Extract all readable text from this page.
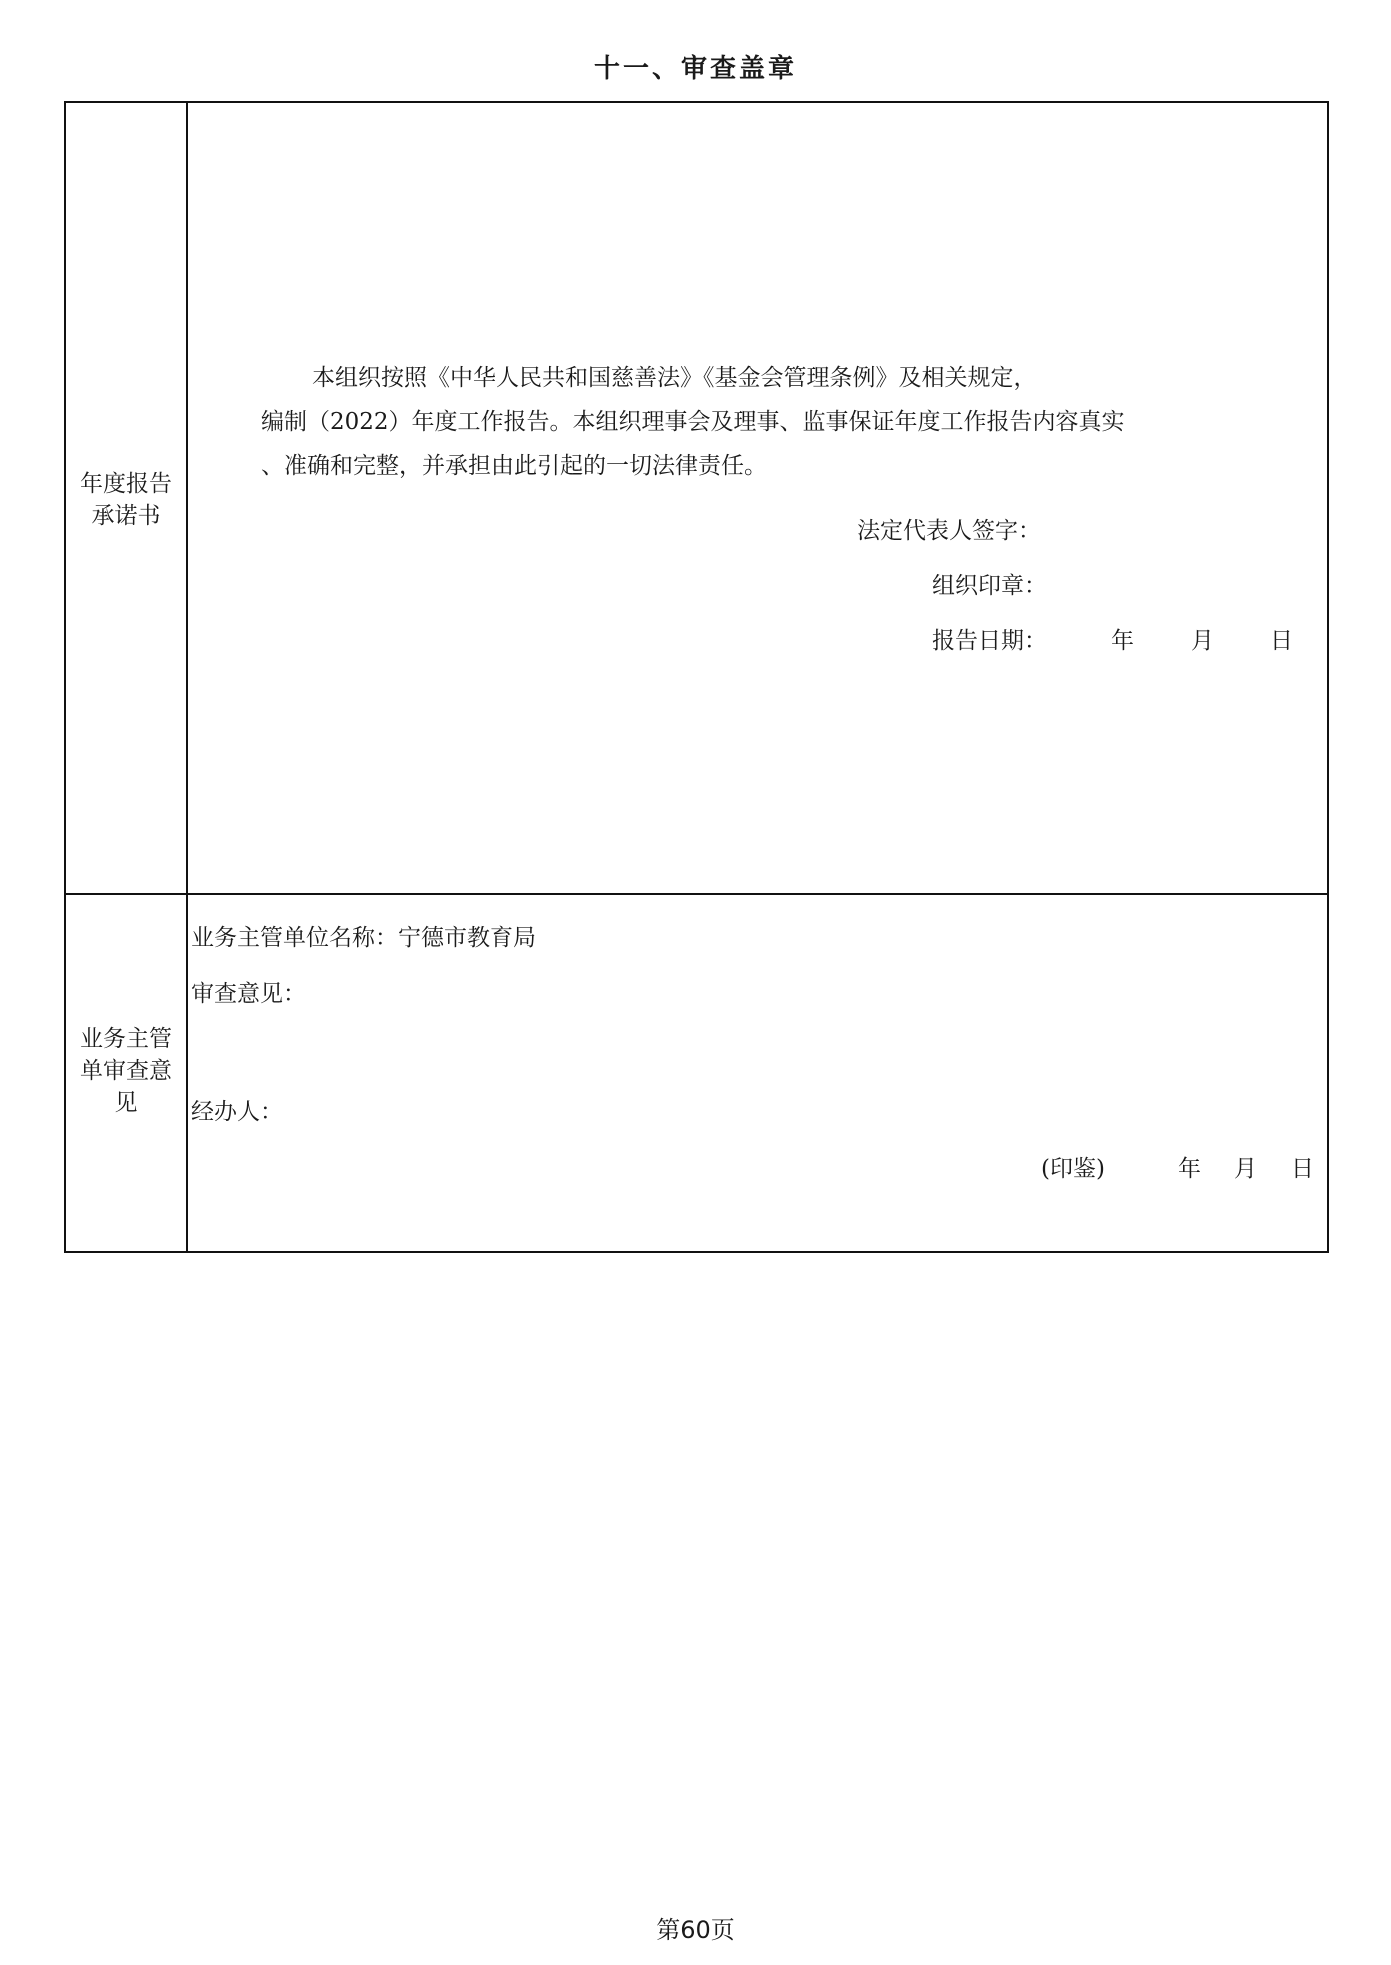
十一、审查盖章
年度报告
承诺书
本组织按照《中华人民共和国慈善法》《基金会管理条例》及相关规定，
编制（2022）年度工作报告。本组织理事会及理事、监事保证年度工作报告内容真实
、准确和完整，并承担由此引起的一切法律责任。
法定代表人签字：
组织印章：
报告日期：	年 月 日
业务主管
单审查意
见
业务主管单位名称：宁德市教育局
审查意见：
经办人：
(印鉴)	年 月 日
第60页
